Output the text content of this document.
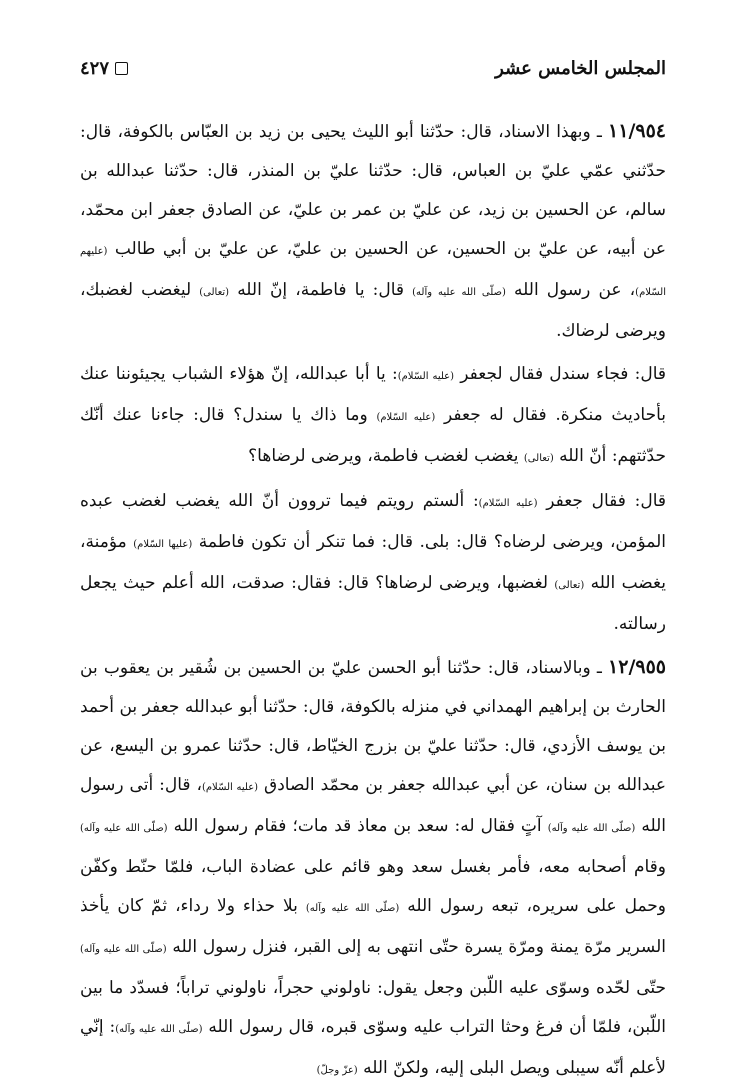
٤٢٧	المجلس الخامس عشر

١١/٩٥٤ ـ وبهذا الاسناد، قال: حدّثنا أبو الليث يحيى بن زيد بن العبّاس بالكوفة، قال: حدّثني عمّي عليّ بن العباس، قال: حدّثنا عليّ بن المنذر، قال: حدّثنا عبدالله بن سالم، عن الحسين بن زيد، عن عليّ بن عمر بن عليّ، عن الصادق جعفر ابن محمّد، عن أبيه، عن عليّ بن الحسين، عن الحسين بن عليّ، عن عليّ بن أبي طالب (عليهم السّلام)، عن رسول الله (صلّى الله عليه وآله) قال: يا فاطمة، إنّ الله (تعالى) ليغضب لغضبك، ويرضى لرضاك.

قال: فجاء سندل فقال لجعفر (عليه السّلام): يا أبا عبدالله، إنّ هؤلاء الشباب يجيئوننا عنك بأحاديث منكرة. فقال له جعفر (عليه السّلام) وما ذاك يا سندل؟ قال: جاءنا عنك أنّك حدّثتهم: أنّ الله (تعالى) يغضب لغضب فاطمة، ويرضى لرضاها؟

قال: فقال جعفر (عليه السّلام): ألستم رويتم فيما تروون أنّ الله يغضب لغضب عبده المؤمن، ويرضى لرضاه؟ قال: بلى. قال: فما تنكر أن تكون فاطمة (عليها السّلام) مؤمنة، يغضب الله (تعالى) لغضبها، ويرضى لرضاها؟ قال: فقال: صدقت، الله أعلم حيث يجعل رسالته.

١٢/٩٥٥ ـ وبالاسناد، قال: حدّثنا أبو الحسن عليّ بن الحسين بن شُقير بن يعقوب بن الحارث بن إبراهيم الهمداني في منزله بالكوفة، قال: حدّثنا أبو عبدالله جعفر بن أحمد بن يوسف الأزدي، قال: حدّثنا عليّ بن بزرج الخيّاط، قال: حدّثنا عمرو بن اليسع، عن عبدالله بن سنان، عن أبي عبدالله جعفر بن محمّد الصادق (عليه السّلام)، قال: أتى رسول الله (صلّى الله عليه وآله) آتٍ فقال له: سعد بن معاذ قد مات؛ فقام رسول الله (صلّى الله عليه وآله) وقام أصحابه معه، فأمر بغسل سعد وهو قائم على عضادة الباب، فلمّا حنّط وكفّن وحمل على سريره، تبعه رسول الله (صلّى الله عليه وآله) بلا حذاء ولا رداء، ثمّ كان يأخذ السرير مرّة يمنة ومرّة يسرة حتّى انتهى به إلى القبر، فنزل رسول الله (صلّى الله عليه وآله) حتّى لحّده وسوّى عليه اللّبن وجعل يقول: ناولوني حجراً، ناولوني تراباً؛ فسدّد ما بين اللّبن، فلمّا أن فرغ وحثا التراب عليه وسوّى قبره، قال رسول الله (صلّى الله عليه وآله): إنّي لأعلم أنّه سيبلى ويصل البلى إليه، ولكنّ الله (عزّ وجلّ)
